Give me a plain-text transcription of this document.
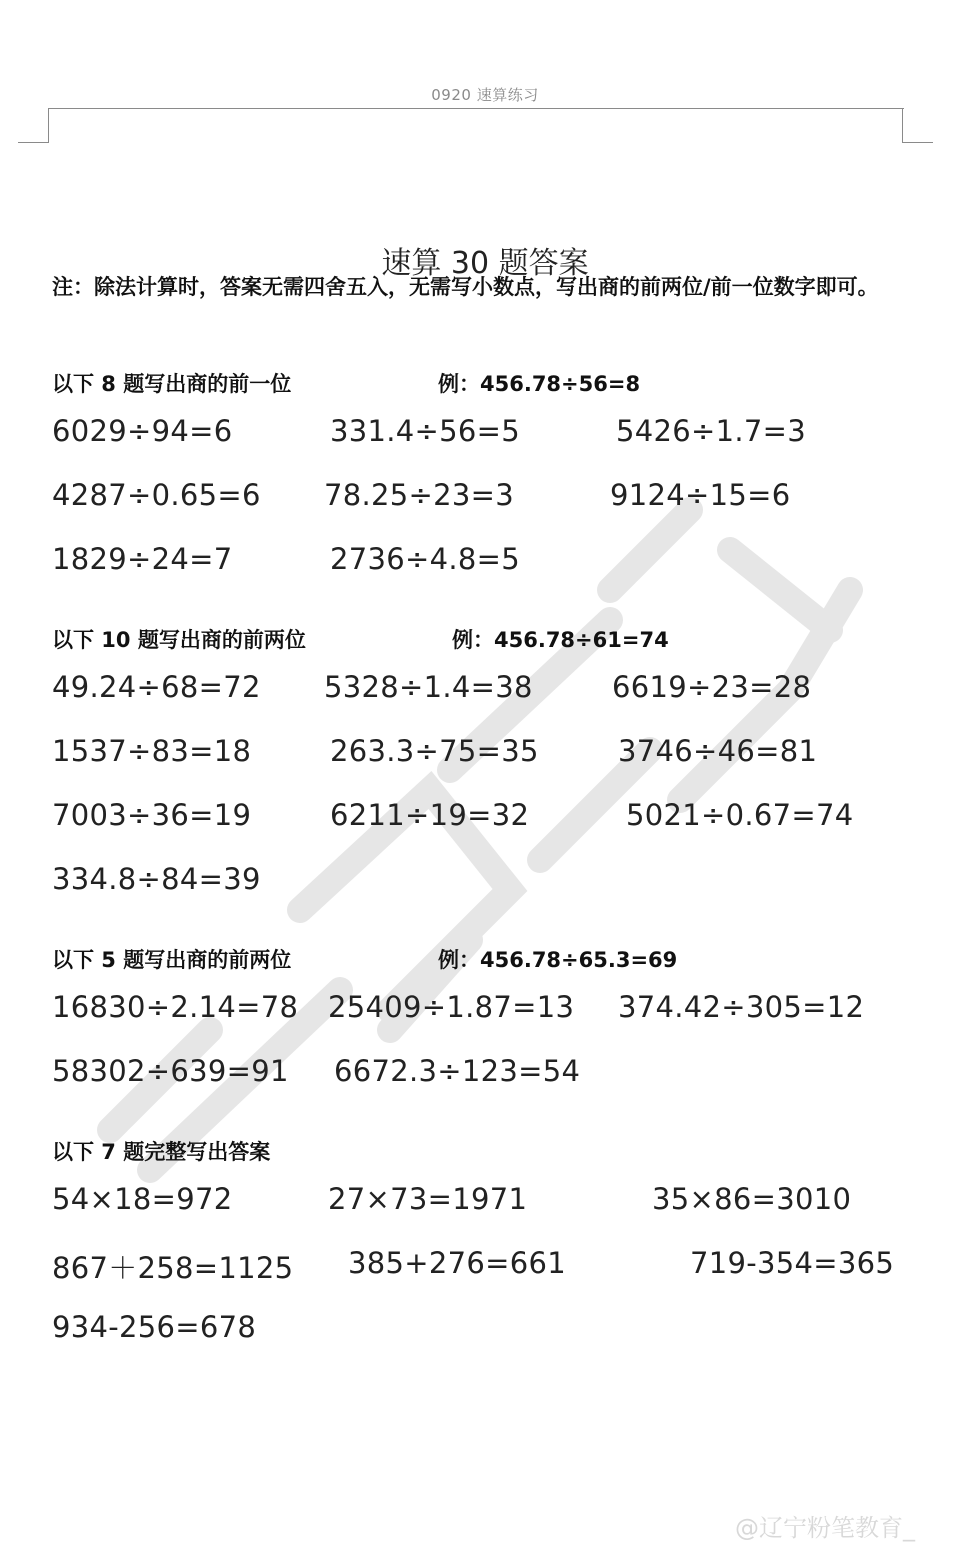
0920 速算练习
速算 30 题答案
注：除法计算时，答案无需四舍五入，无需写小数点，写出商的前两位/前一位数字即可。
以下 8 题写出商的前一位	例：456.78÷56=8
6029÷94=6	331.4÷56=5	5426÷1.7=3
4287÷0.65=6 78.25÷23=3	9124÷15=6
1829÷24=7	2736÷4.8=5
以下 10 题写出商的前两位	例：456.78÷61=74
49.24÷68=72 5328÷1.4=38	6619÷23=28
1537÷83=18	263.3÷75=35	3746÷46=81
7003÷36=19	6211÷19=32	5021÷0.67=74
334.8÷84=39
以下 5 题写出商的前两位	例：456.78÷65.3=69
16830÷2.14=78 25409÷1.87=13 374.42÷305=12
58302÷639=91 6672.3÷123=54
以下 7 题完整写出答案
54×18=972	27×73=1971	35×86=3010
867＋258=1125 385+276=661	719-354=365
934-256=678
@辽宁粉笔教育_
